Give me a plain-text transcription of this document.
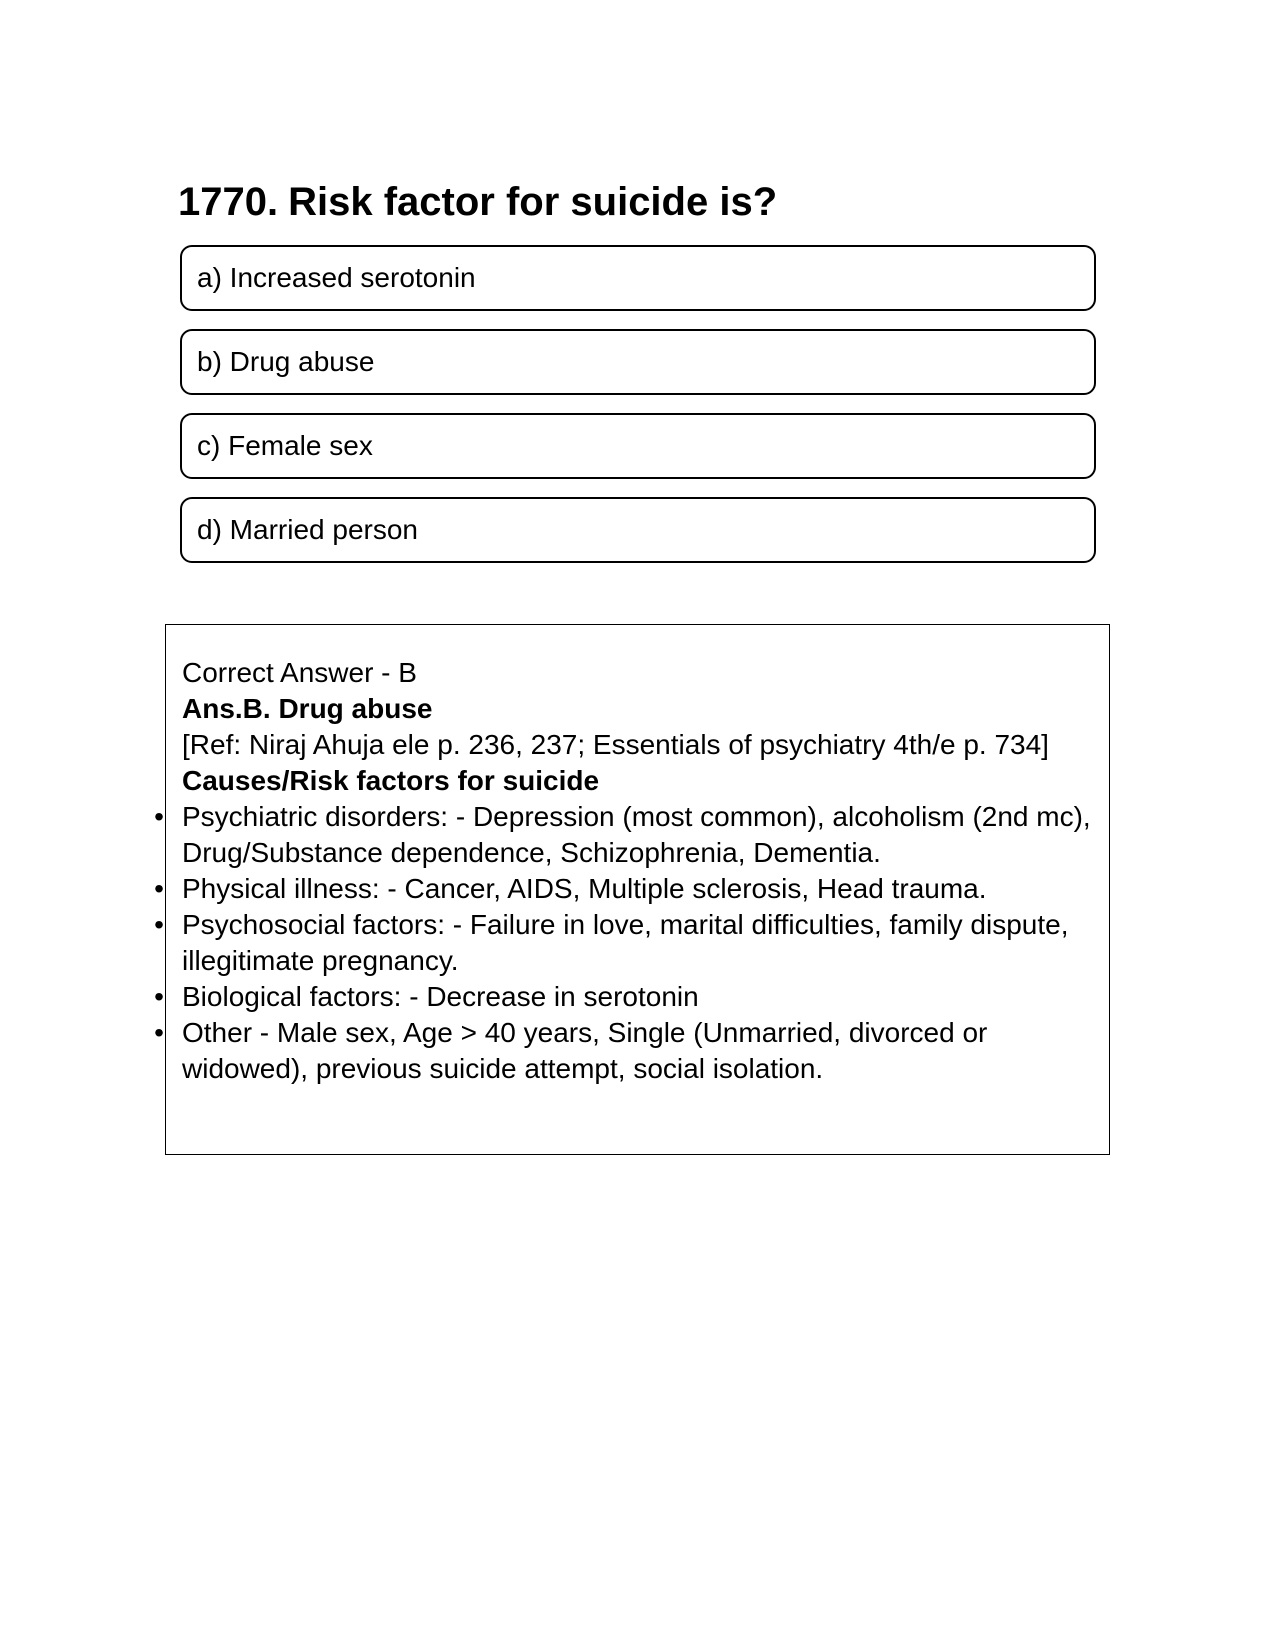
1770. Risk factor for suicide is?
a) Increased serotonin
b) Drug abuse
c) Female sex
d) Married person

Correct Answer - B

Ans.B. Drug abuse

[Ref: Niraj Ahuja ele p. 236, 237; Essentials of psychiatry 4th/e p. 734]

Causes/Risk factors for suicide

• Psychiatric disorders: - Depression (most common), alcoholism (2nd mc), Drug/Substance dependence, Schizophrenia, Dementia.
• Physical illness: - Cancer, AIDS, Multiple sclerosis, Head trauma.
• Psychosocial factors: - Failure in love, marital difficulties, family dispute, illegitimate pregnancy.
• Biological factors: - Decrease in serotonin
• Other - Male sex, Age > 40 years, Single (Unmarried, divorced or widowed), previous suicide attempt, social isolation.
